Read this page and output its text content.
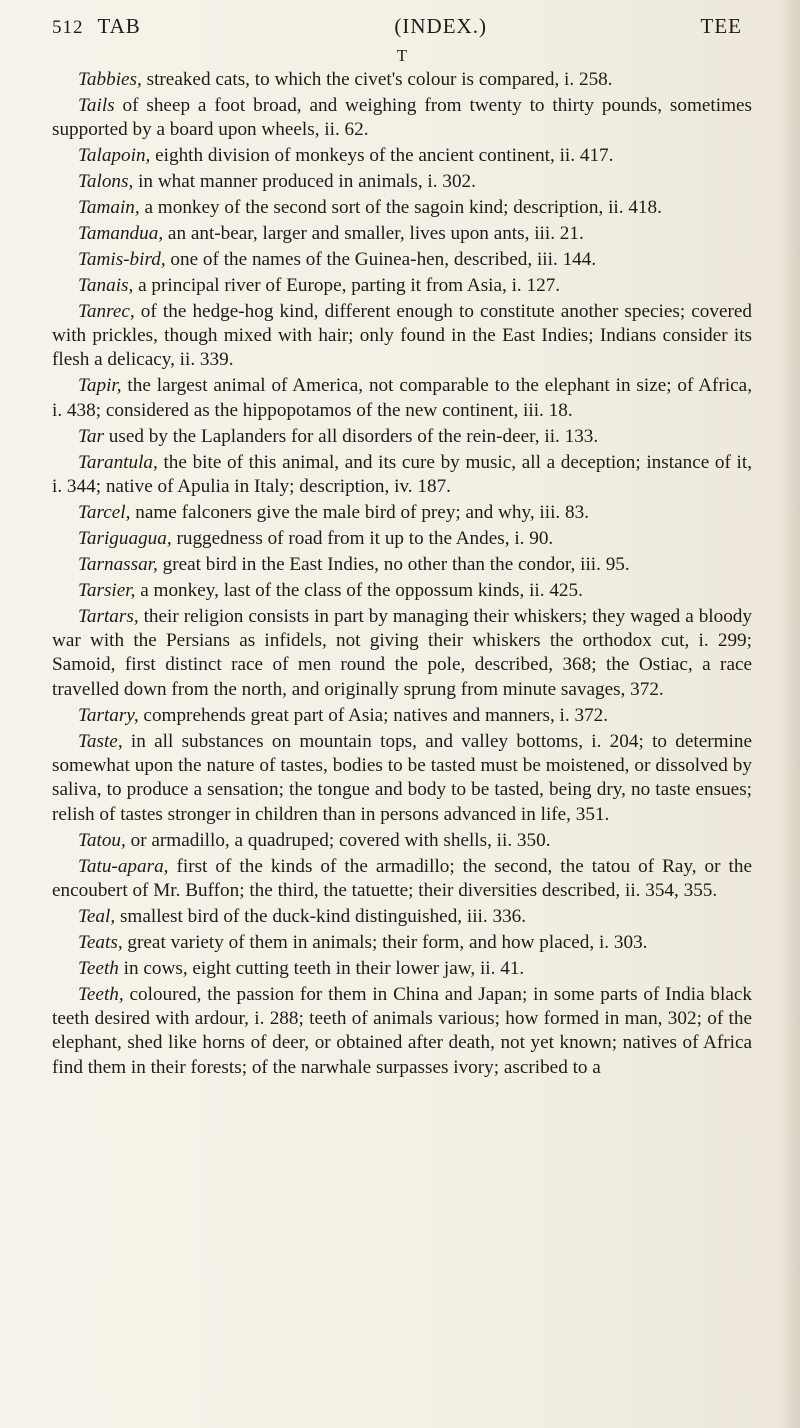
512 TAB	(INDEX.)	TEE
T

Tabbies, streaked cats, to which the civet's colour is compared, i. 258.

Tails of sheep a foot broad, and weighing from twenty to thirty pounds, sometimes supported by a board upon wheels, ii. 62.

Talapoin, eighth division of monkeys of the ancient continent, ii. 417.

Talons, in what manner produced in animals, i. 302.

Tamain, a monkey of the second sort of the sagoin kind; description, ii. 418.

Tamandua, an ant-bear, larger and smaller, lives upon ants, iii. 21.

Tamis-bird, one of the names of the Guinea-hen, described, iii. 144.

Tanais, a principal river of Europe, parting it from Asia, i. 127.

Tanrec, of the hedge-hog kind, different enough to constitute another species; covered with prickles, though mixed with hair; only found in the East Indies; Indians consider its flesh a delicacy, ii. 339.

Tapir, the largest animal of America, not comparable to the elephant in size; of Africa, i. 438; considered as the hippopotamos of the new continent, iii. 18.

Tar used by the Laplanders for all disorders of the rein-deer, ii. 133.

Tarantula, the bite of this animal, and its cure by music, all a deception; instance of it, i. 344; native of Apulia in Italy; description, iv. 187.

Tarcel, name falconers give the male bird of prey; and why, iii. 83.

Tariguagua, ruggedness of road from it up to the Andes, i. 90.

Tarnassar, great bird in the East Indies, no other than the condor, iii. 95.

Tarsier, a monkey, last of the class of the oppossum kinds, ii. 425.

Tartars, their religion consists in part by managing their whiskers; they waged a bloody war with the Persians as infidels, not giving their whiskers the orthodox cut, i. 299; Samoid, first distinct race of men round the pole, described, 368; the Ostiac, a race travelled down from the north, and originally sprung from minute savages, 372.

Tartary, comprehends great part of Asia; natives and manners, i. 372.

Taste, in all substances on mountain tops, and valley bottoms, i. 204; to determine somewhat upon the nature of tastes, bodies to be tasted must be moistened, or dissolved by saliva, to produce a sensation; the tongue and body to be tasted, being dry, no taste ensues; relish of tastes stronger in children than in persons advanced in life, 351.

Tatou, or armadillo, a quadruped; covered with shells, ii. 350.

Tatu-apara, first of the kinds of the armadillo; the second, the tatou of Ray, or the encoubert of Mr. Buffon; the third, the tatuette; their diversities described, ii. 354, 355.

Teal, smallest bird of the duck-kind distinguished, iii. 336.

Teats, great variety of them in animals; their form, and how placed, i. 303.

Teeth in cows, eight cutting teeth in their lower jaw, ii. 41.

Teeth, coloured, the passion for them in China and Japan; in some parts of India black teeth desired with ardour, i. 288; teeth of animals various; how formed in man, 302; of the elephant, shed like horns of deer, or obtained after death, not yet known; natives of Africa find them in their forests; of the narwhale surpasses ivory; ascribed to a
